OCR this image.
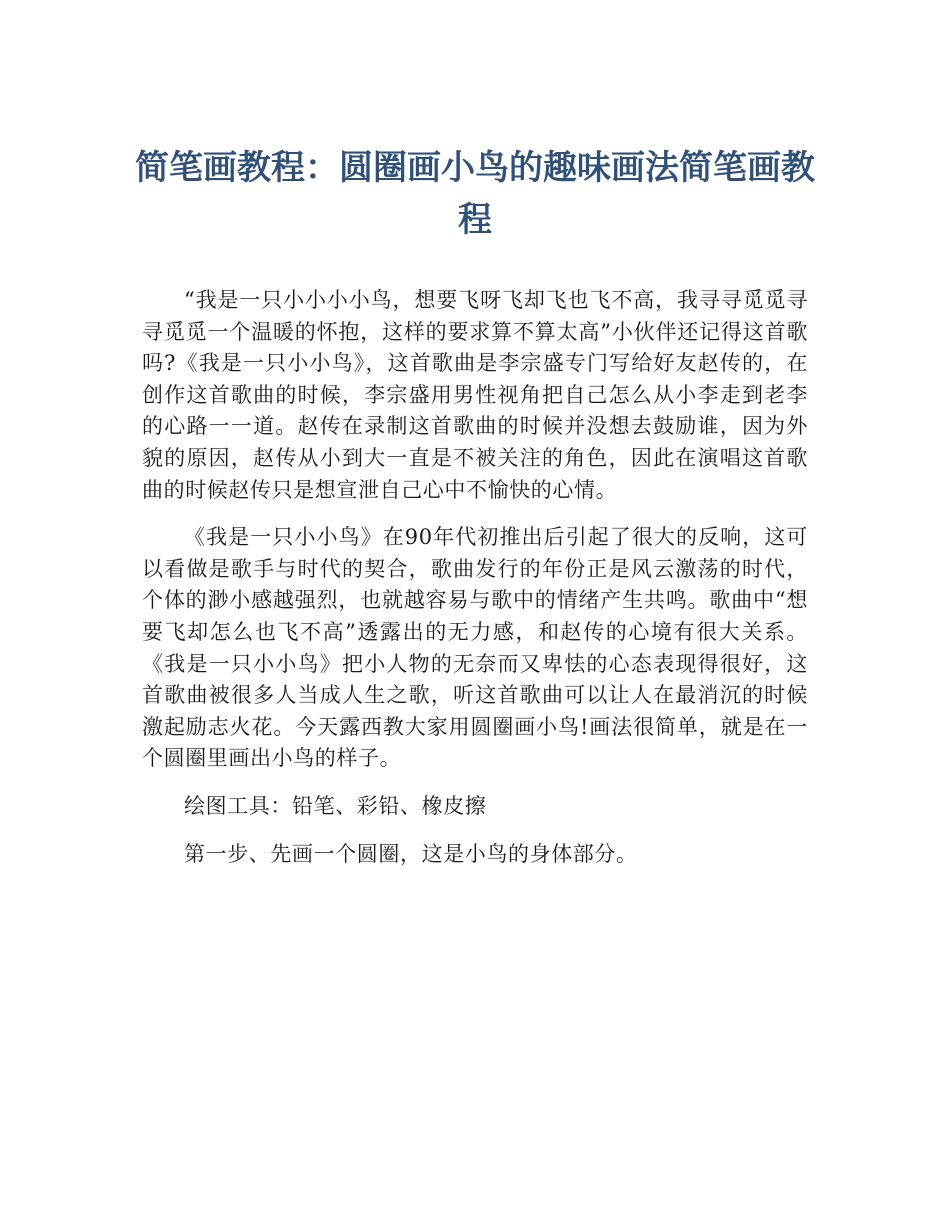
简笔画教程：圆圈画小鸟的趣味画法简笔画教程

“我是一只小小小小鸟，想要飞呀飞却飞也飞不高，我寻寻觅觅寻寻觅觅一个温暖的怀抱，这样的要求算不算太高”小伙伴还记得这首歌吗?《我是一只小小鸟》，这首歌曲是李宗盛专门写给好友赵传的，在创作这首歌曲的时候，李宗盛用男性视角把自己怎么从小李走到老李的心路一一道。赵传在录制这首歌曲的时候并没想去鼓励谁，因为外貌的原因，赵传从小到大一直是不被关注的角色，因此在演唱这首歌曲的时候赵传只是想宣泄自己心中不愉快的心情。

《我是一只小小鸟》在90年代初推出后引起了很大的反响，这可以看做是歌手与时代的契合，歌曲发行的年份正是风云激荡的时代，个体的渺小感越强烈，也就越容易与歌中的情绪产生共鸣。歌曲中“想要飞却怎么也飞不高”透露出的无力感，和赵传的心境有很大关系。《我是一只小小鸟》把小人物的无奈而又卑怯的心态表现得很好，这首歌曲被很多人当成人生之歌，听这首歌曲可以让人在最消沉的时候激起励志火花。今天露西教大家用圆圈画小鸟!画法很简单，就是在一个圆圈里画出小鸟的样子。

绘图工具：铅笔、彩铅、橡皮擦

第一步、先画一个圆圈，这是小鸟的身体部分。
